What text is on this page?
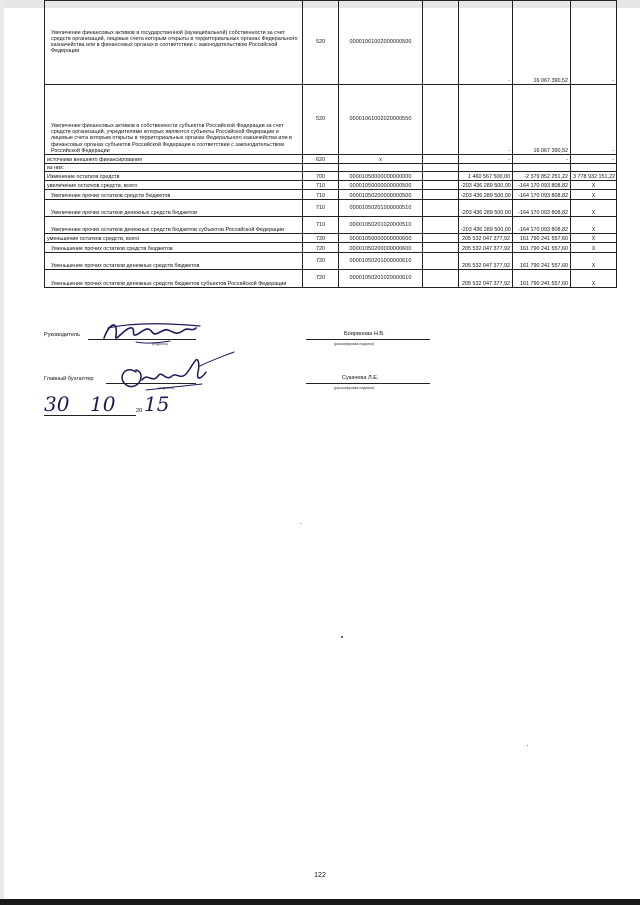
Увеличение финансовых активов в государственной (муниципальной) собственности за счет средств организаций, лицевые счета которым открыты в территориальных органах Федерального казначейства или в финансовых органах в соответствии с законодательством Российской Федерации	520	00001061002000000500		-	16 067 390,52	-
Увеличение финансовых активов в собственности субъектов Российской Федерации за счет средств организаций, учредителями которых являются субъекты Российской Федерации и лицевые счета которым открыты в территориальных органах Федерального казначейства или в финансовых органах субъектов Российской Федерации в соответствии с законодательством Российской Федерации	520	00001061002020000550		-	16 067 390,52	-
источники внешнего финансирования	620	x		-	-	-
из них:						
Изменение остатков средств	700	00001050000000000000		1 460 567 500,00	-2 379 852 251,22	3 778 932 151,22
увеличение остатков средств, всего	710	00001050000000000500		-203 436 289 500,00	-164 170 093 808,82	X
Увеличение прочих остатков средств бюджетов	710	00001050200000000500		-203 436 289 500,00	-164 170 093 808,82	X
Увеличение прочих остатков денежных средств бюджетов	710	00001050201000000510		-203 436 289 500,00	-164 170 093 808,82	X
Увеличение прочих остатков денежных средств бюджетов субъектов Российской Федерации	710	00001050201020000510		-203 436 289 500,00	-164 170 093 808,82	X
уменьшение остатков средств, всего	720	00001050000000000600		205 532 047 377,92	161 790 241 557,60	X
Уменьшение прочих остатков средств бюджетов	720	00001050200000000600		205 532 047 377,92	161 790 241 557,60	X
Уменьшение прочих остатков денежных средств бюджетов	720	00001050201000000610		205 532 047 377,92	161 790 241 557,60	X
Уменьшение прочих остатков денежных средств бюджетов субъектов Российской Федерации	720	00001050201020000610		205 532 047 377,92	161 790 241 557,60	X
Руководитель
(подпись)
Бояринова Н.В.
(расшифровка подписи)
Главный бухгалтер
(подпись)
Сукачева Л.Е.
(расшифровка подписи)
30 10	20 15
122
